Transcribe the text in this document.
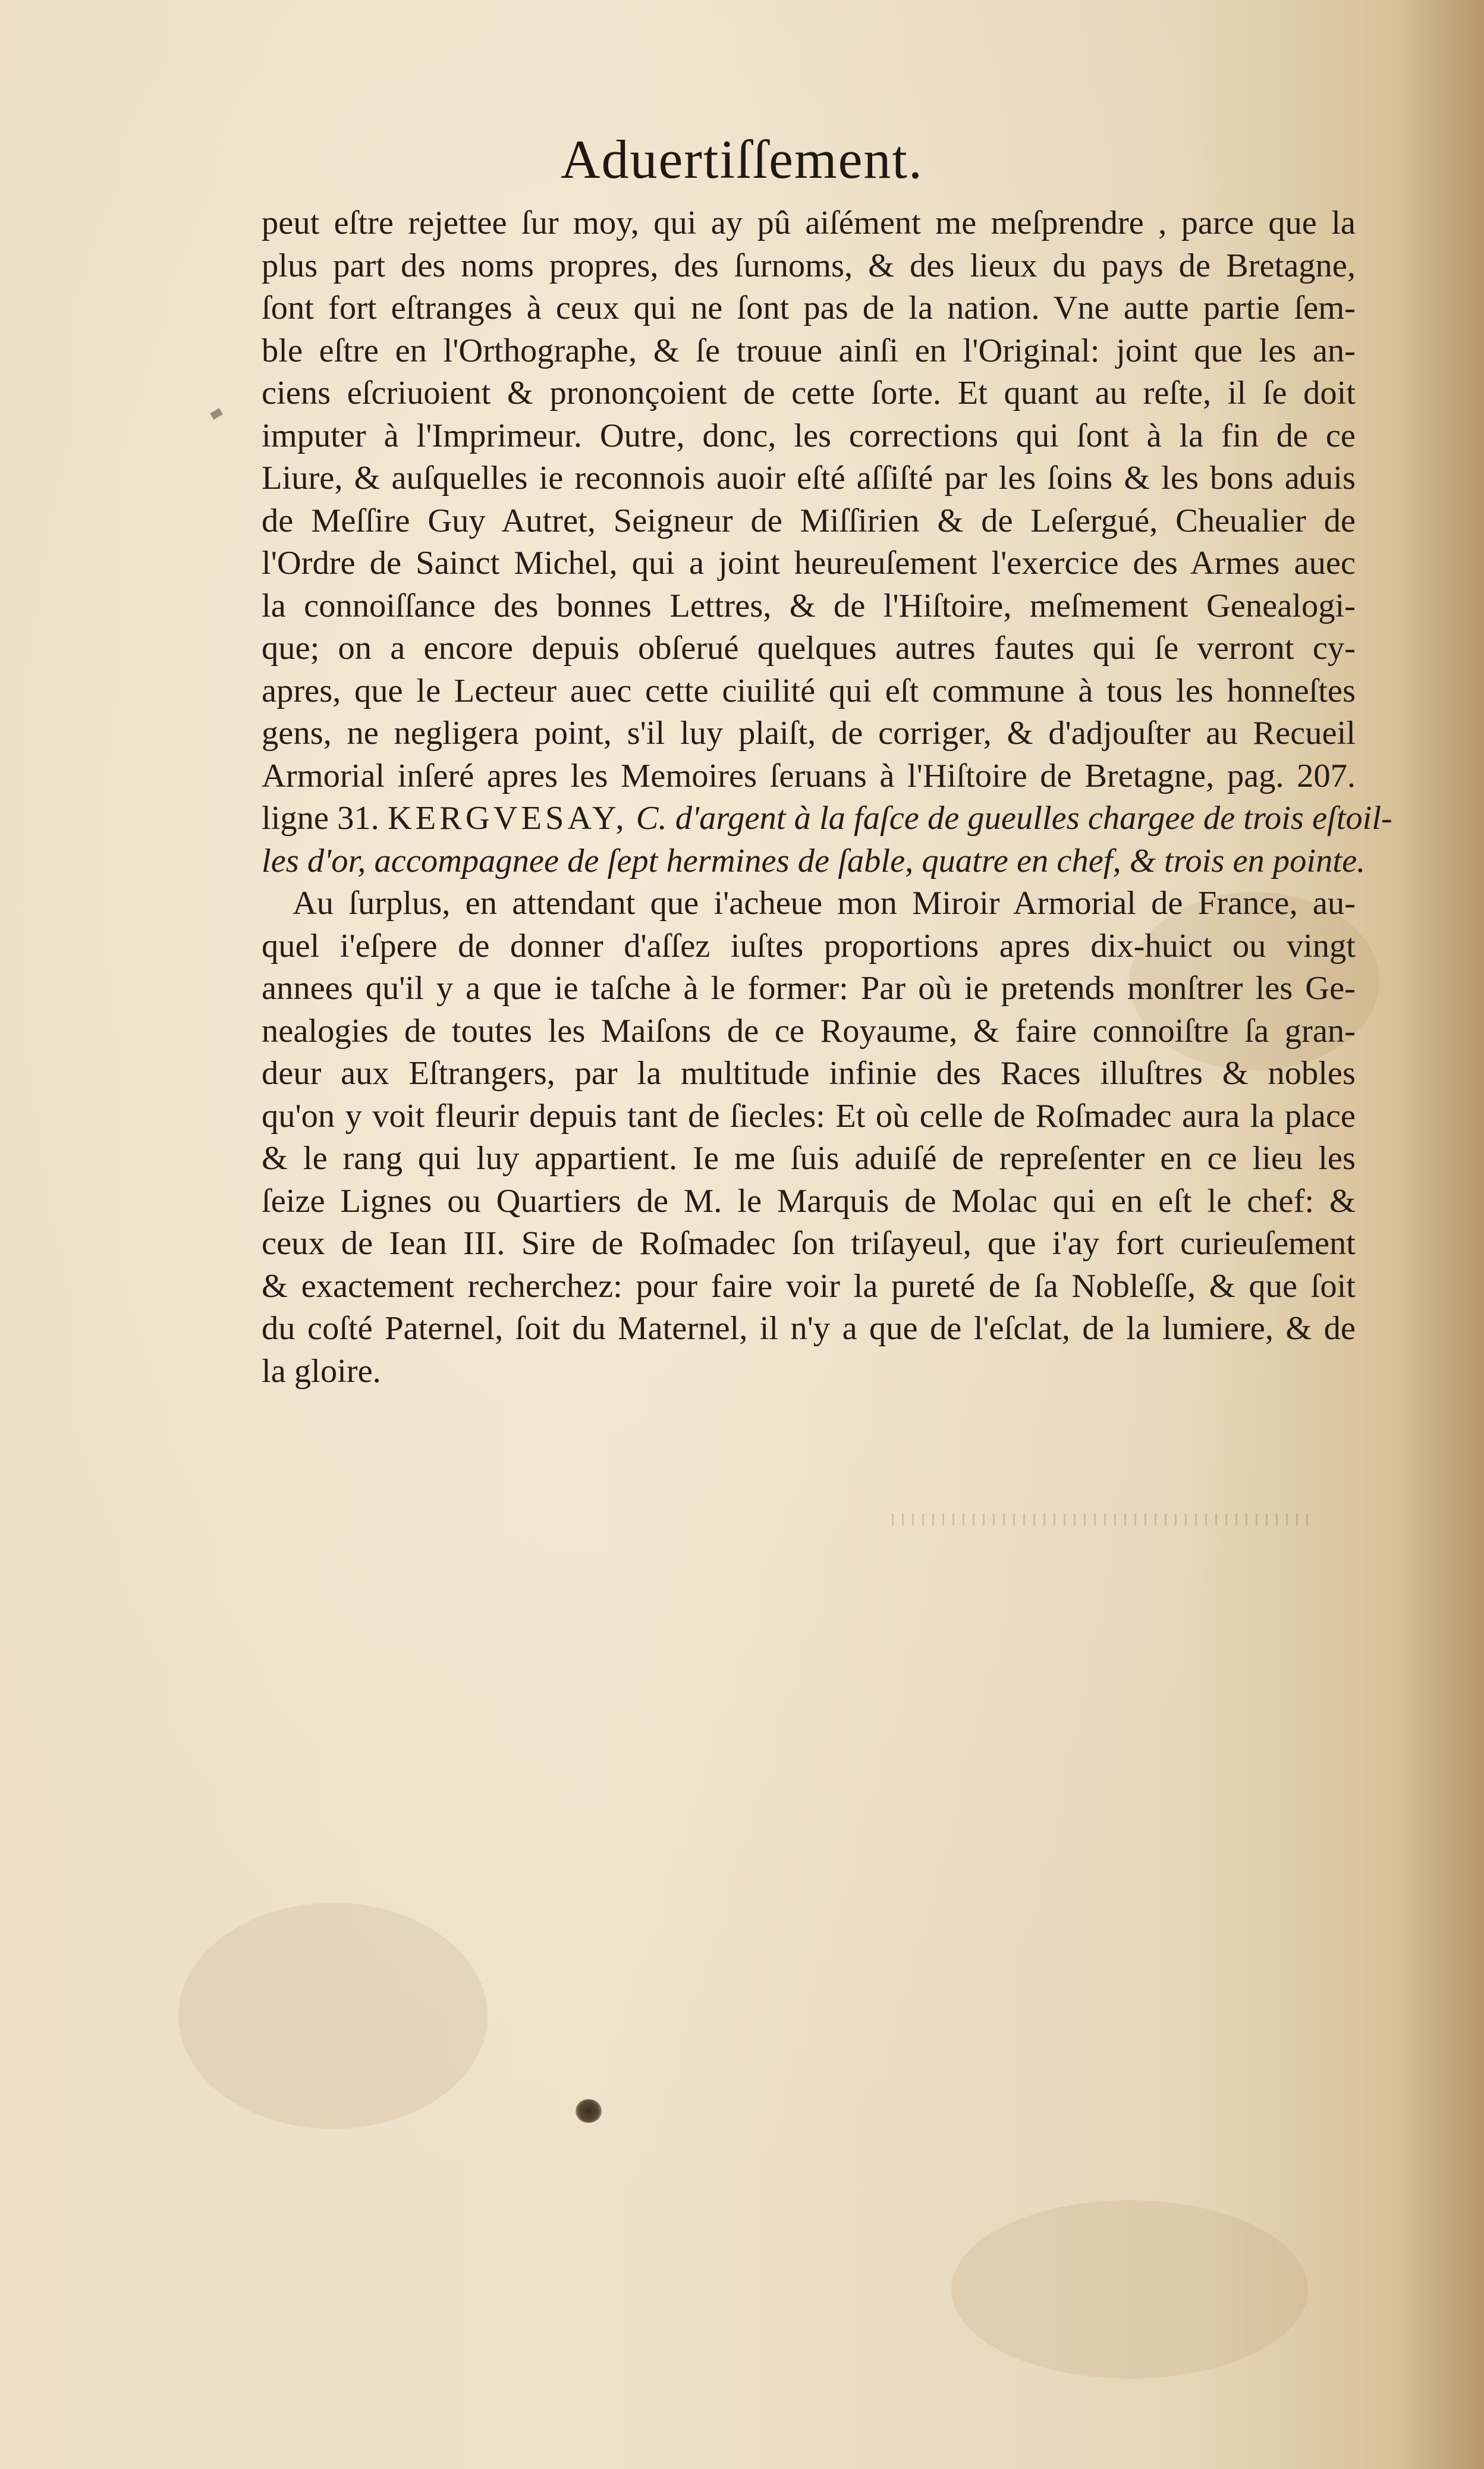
Aduertiſſement.
peut eſtre rejettee ſur moy, qui ay pû aiſément me meſprendre , parce que la
plus part des noms propres, des ſurnoms, & des lieux du pays de Bretagne,
ſont fort eſtranges à ceux qui ne ſont pas de la nation. Vne autte partie ſem-
ble eſtre en l'Orthographe, & ſe trouue ainſi en l'Original: joint que les an-
ciens eſcriuoient & prononçoient de cette ſorte. Et quant au reſte, il ſe doit
imputer à l'Imprimeur. Outre, donc, les corrections qui ſont à la fin de ce
Liure, & auſquelles ie reconnois auoir eſté aſſiſté par les ſoins & les bons aduis
de Meſſire Guy Autret, Seigneur de Miſſirien & de Leſergué, Cheualier de
l'Ordre de Sainct Michel, qui a joint heureuſement l'exercice des Armes auec
la connoiſſance des bonnes Lettres, & de l'Hiſtoire, meſmement Genealogi-
que; on a encore depuis obſerué quelques autres fautes qui ſe verront cy-
apres, que le Lecteur auec cette ciuilité qui eſt commune à tous les honneſtes
gens, ne negligera point, s'il luy plaiſt, de corriger, & d'adjouſter au Recueil
Armorial inſeré apres les Memoires ſeruans à l'Hiſtoire de Bretagne, pag. 207.
ligne 31. KERGVESAY, C. d'argent à la faſce de gueulles chargee de trois eſtoil-
les d'or, accompagnee de ſept hermines de ſable, quatre en chef, & trois en pointe.
Au ſurplus, en attendant que i'acheue mon Miroir Armorial de France, au-
quel i'eſpere de donner d'aſſez iuſtes proportions apres dix-huict ou vingt
annees qu'il y a que ie taſche à le former: Par où ie pretends monſtrer les Ge-
nealogies de toutes les Maiſons de ce Royaume, & faire connoiſtre ſa gran-
deur aux Eſtrangers, par la multitude infinie des Races illuſtres & nobles
qu'on y voit fleurir depuis tant de ſiecles: Et où celle de Roſmadec aura la place
& le rang qui luy appartient. Ie me ſuis aduiſé de repreſenter en ce lieu les
ſeize Lignes ou Quartiers de M. le Marquis de Molac qui en eſt le chef: &
ceux de Iean III. Sire de Roſmadec ſon triſayeul, que i'ay fort curieuſement
& exactement recherchez: pour faire voir la pureté de ſa Nobleſſe, & que ſoit
du coſté Paternel, ſoit du Maternel, il n'y a que de l'eſclat, de la lumiere, & de
la gloire.
